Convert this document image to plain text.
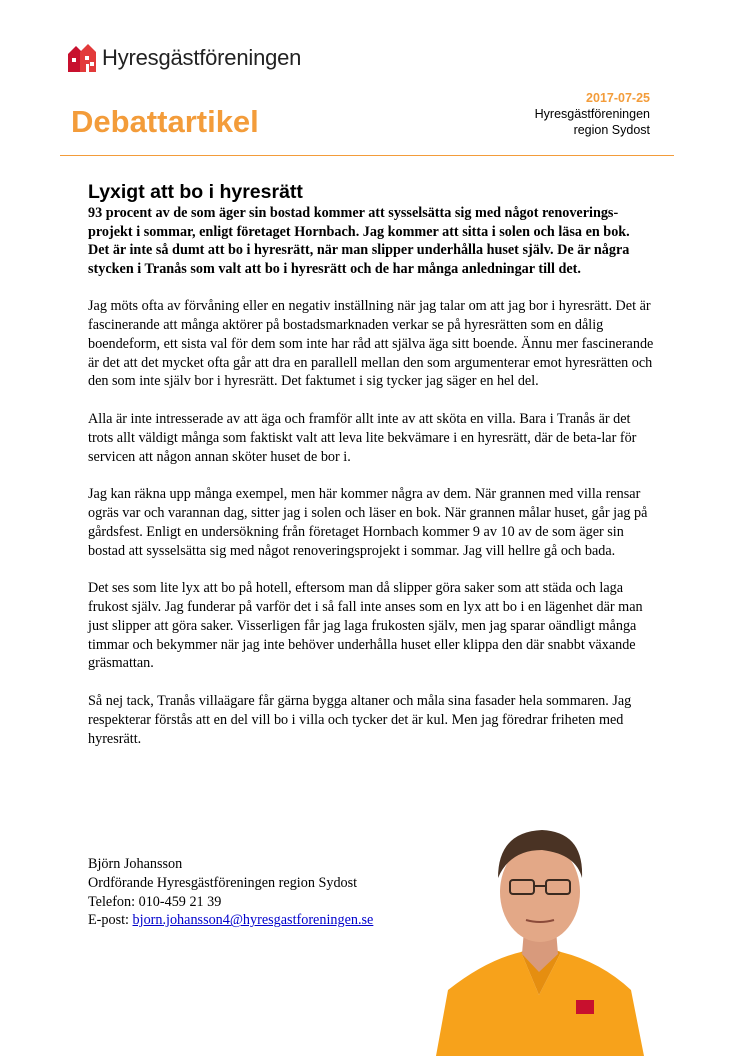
Hyresgästföreningen
Debattartikel
2017-07-25
Hyresgästföreningen
region Sydost
Lyxigt att bo i hyresrätt

93 procent av de som äger sin bostad kommer att sysselsätta sig med något renoverings-projekt i sommar, enligt företaget Hornbach. Jag kommer att sitta i solen och läsa en bok. Det är inte så dumt att bo i hyresrätt, när man slipper underhålla huset själv. De är några stycken i Tranås som valt att bo i hyresrätt och de har många anledningar till det.

Jag möts ofta av förvåning eller en negativ inställning när jag talar om att jag bor i hyresrätt. Det är fascinerande att många aktörer på bostadsmarknaden verkar se på hyresrätten som en dålig boendeform, ett sista val för dem som inte har råd att själva äga sitt boende. Ännu mer fascinerande är det att det mycket ofta går att dra en parallell mellan den som argumenterar emot hyresrätten och den som inte själv bor i hyresrätt. Det faktumet i sig tycker jag säger en hel del.

Alla är inte intresserade av att äga och framför allt inte av att sköta en villa. Bara i Tranås är det trots allt väldigt många som faktiskt valt att leva lite bekvämare i en hyresrätt, där de beta-lar för servicen att någon annan sköter huset de bor i.

Jag kan räkna upp många exempel, men här kommer några av dem. När grannen med villa rensar ogräs var och varannan dag, sitter jag i solen och läser en bok. När grannen målar huset, går jag på gårdsfest. Enligt en undersökning från företaget Hornbach kommer 9 av 10 av de som äger sin bostad att sysselsätta sig med något renoveringsprojekt i sommar. Jag vill hellre gå och bada.

Det ses som lite lyx att bo på hotell, eftersom man då slipper göra saker som att städa och laga frukost själv. Jag funderar på varför det i så fall inte anses som en lyx att bo i en lägenhet där man just slipper att göra saker. Visserligen får jag laga frukosten själv, men jag sparar oändligt många timmar och bekymmer när jag inte behöver underhålla huset eller klippa den där snabbt växande gräsmattan.

Så nej tack, Tranås villaägare får gärna bygga altaner och måla sina fasader hela sommaren. Jag respekterar förstås att en del vill bo i villa och tycker det är kul. Men jag föredrar friheten med hyresrätt.

Björn Johansson
Ordförande Hyresgästföreningen region Sydost
Telefon: 010-459 21 39
E-post: bjorn.johansson4@hyresgastforeningen.se
